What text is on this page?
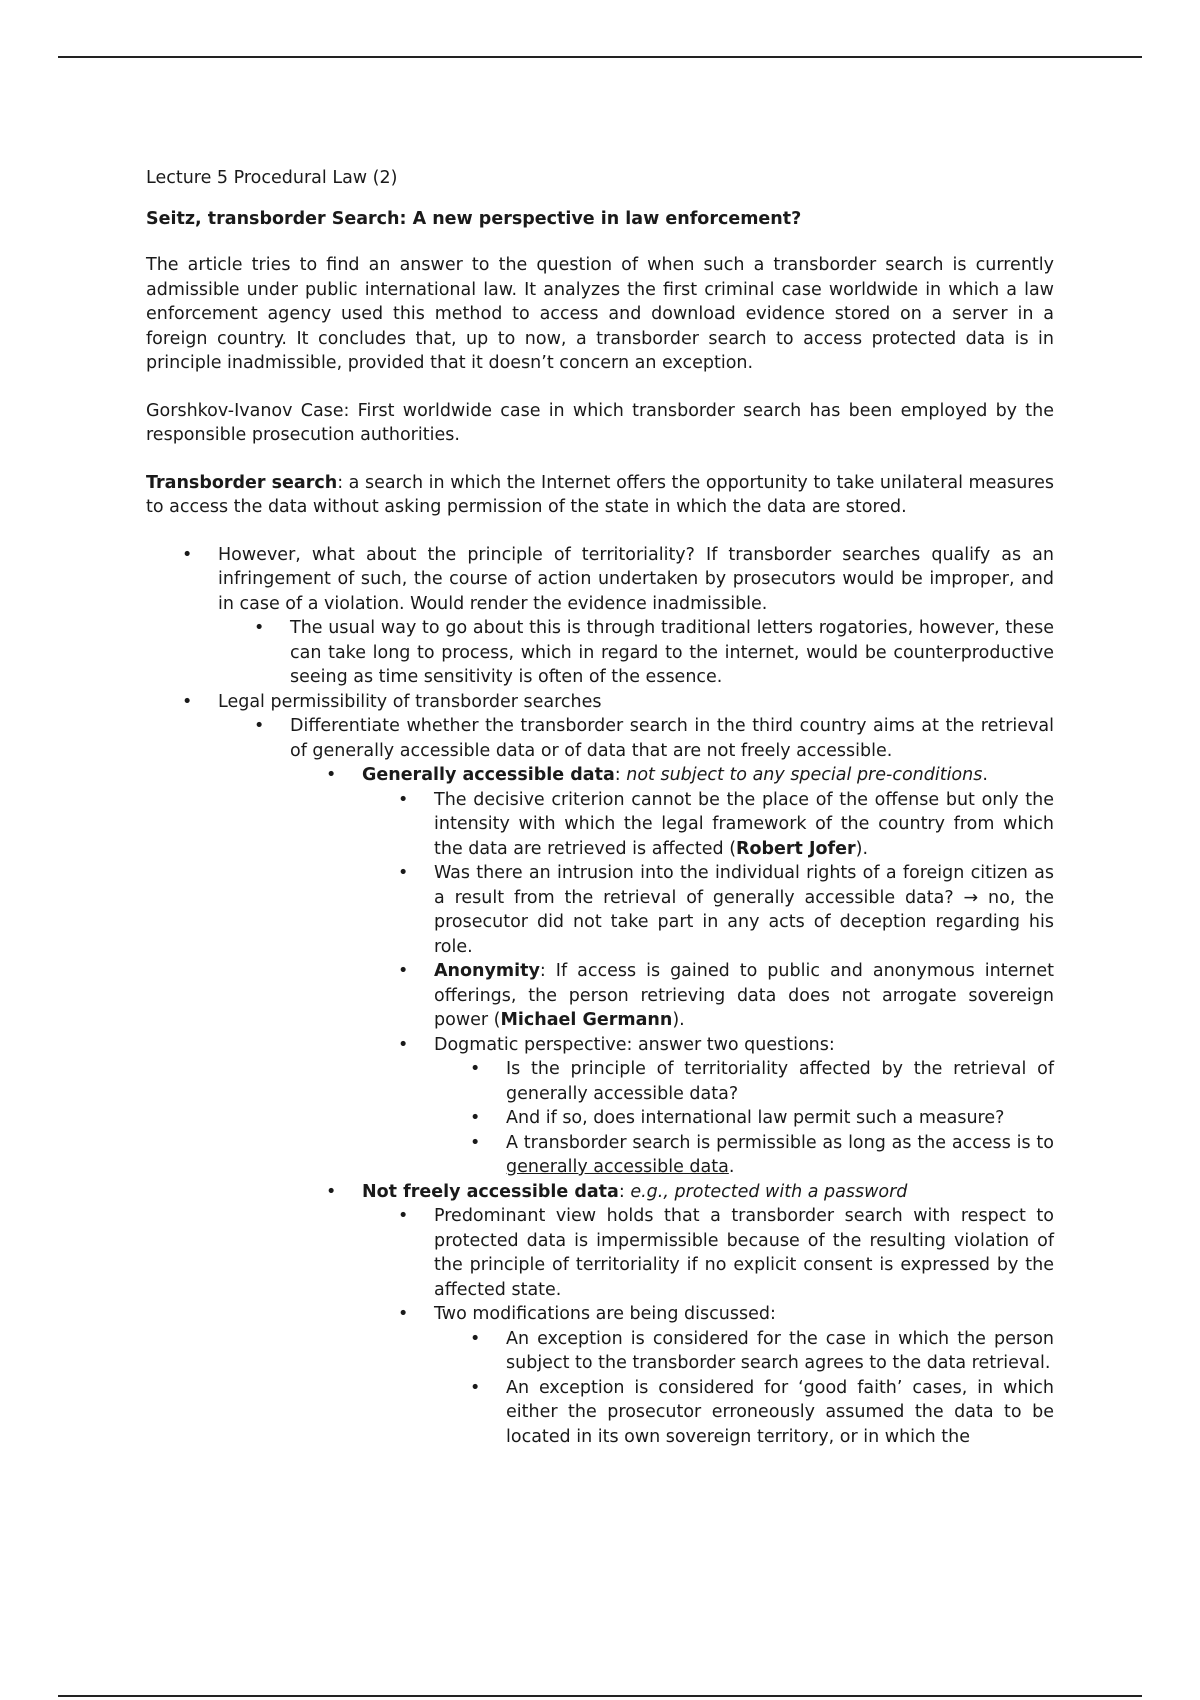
Lecture 5 Procedural Law (2)

Seitz, transborder Search: A new perspective in law enforcement?

The article tries to find an answer to the question of when such a transborder search is currently admissible under public international law. It analyzes the first criminal case worldwide in which a law enforcement agency used this method to access and download evidence stored on a server in a foreign country. It concludes that, up to now, a transborder search to access protected data is in principle inadmissible, provided that it doesn’t concern an exception.

Gorshkov-Ivanov Case: First worldwide case in which transborder search has been employed by the responsible prosecution authorities.

Transborder search: a search in which the Internet offers the opportunity to take unilateral measures to access the data without asking permission of the state in which the data are stored.

• However, what about the principle of territoriality? If transborder searches qualify as an infringement of such, the course of action undertaken by prosecutors would be improper, and in case of a violation. Would render the evidence inadmissible.
• The usual way to go about this is through traditional letters rogatories, however, these can take long to process, which in regard to the internet, would be counterproductive seeing as time sensitivity is often of the essence.
• Legal permissibility of transborder searches
• Differentiate whether the transborder search in the third country aims at the retrieval of generally accessible data or of data that are not freely accessible.
• Generally accessible data: not subject to any special pre-conditions.
• The decisive criterion cannot be the place of the offense but only the intensity with which the legal framework of the country from which the data are retrieved is affected (Robert Jofer).
• Was there an intrusion into the individual rights of a foreign citizen as a result from the retrieval of generally accessible data? → no, the prosecutor did not take part in any acts of deception regarding his role.
• Anonymity: If access is gained to public and anonymous internet offerings, the person retrieving data does not arrogate sovereign power (Michael Germann).
• Dogmatic perspective: answer two questions:
• Is the principle of territoriality affected by the retrieval of generally accessible data?
• And if so, does international law permit such a measure?
• A transborder search is permissible as long as the access is to generally accessible data.
• Not freely accessible data: e.g., protected with a password
• Predominant view holds that a transborder search with respect to protected data is impermissible because of the resulting violation of the principle of territoriality if no explicit consent is expressed by the affected state.
• Two modifications are being discussed:
• An exception is considered for the case in which the person subject to the transborder search agrees to the data retrieval.
• An exception is considered for ‘good faith’ cases, in which either the prosecutor erroneously assumed the data to be located in its own sovereign territory, or in which the
